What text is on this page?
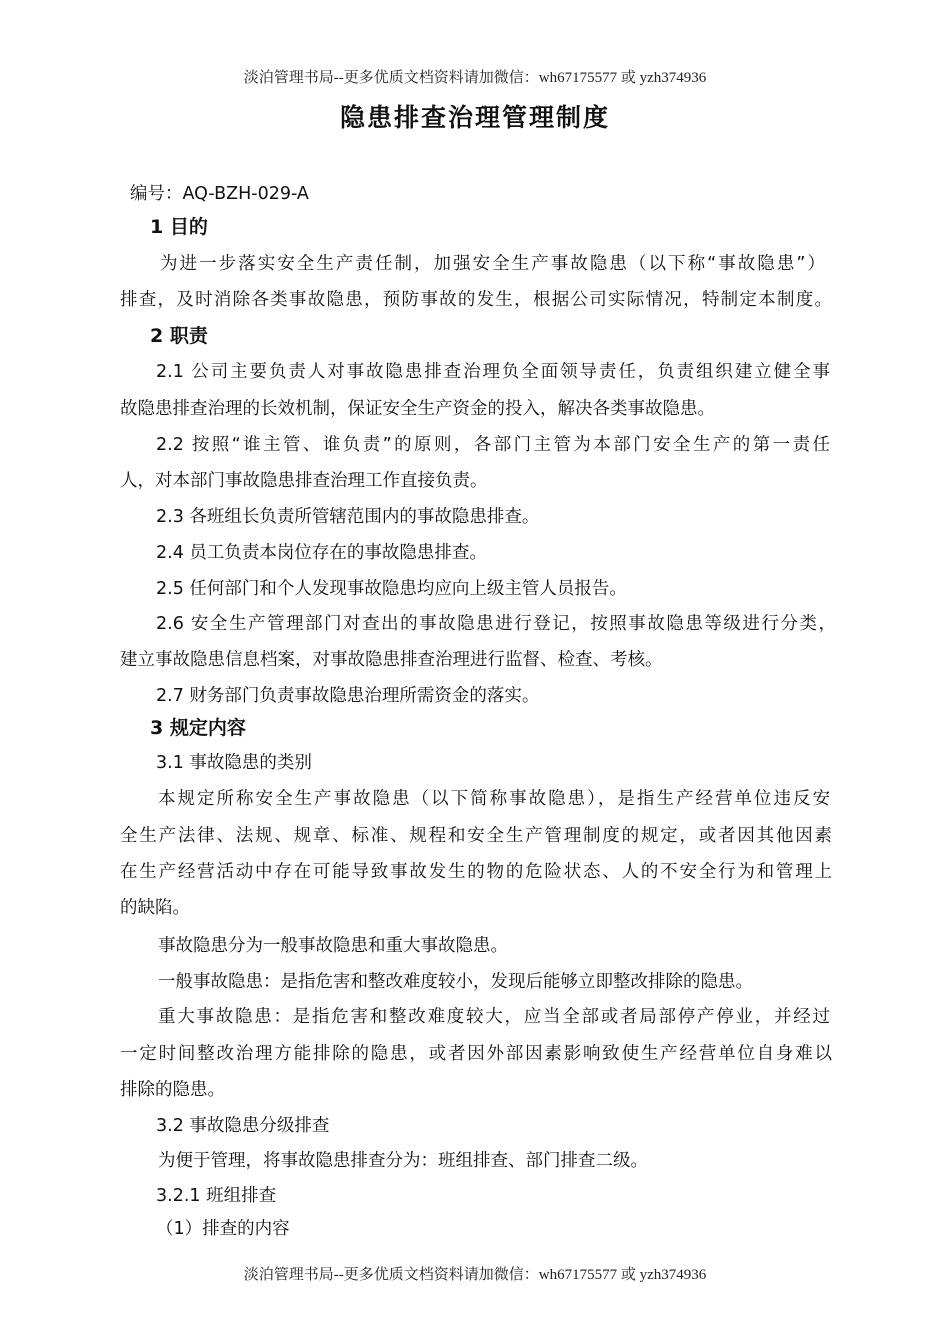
淡泊管理书局--更多优质文档资料请加微信：wh67175577 或 yzh374936
隐患排查治理管理制度
编号：AQ-BZH-029-A
1 目的
为进一步落实安全生产责任制，加强安全生产事故隐患（以下称“事故隐患”）
排查，及时消除各类事故隐患，预防事故的发生，根据公司实际情况，特制定本制度。
2 职责
2.1 公司主要负责人对事故隐患排查治理负全面领导责任，负责组织建立健全事
故隐患排查治理的长效机制，保证安全生产资金的投入，解决各类事故隐患。
2.2 按照“谁主管、谁负责”的原则，各部门主管为本部门安全生产的第一责任
人，对本部门事故隐患排查治理工作直接负责。
2.3 各班组长负责所管辖范围内的事故隐患排查。
2.4 员工负责本岗位存在的事故隐患排查。
2.5 任何部门和个人发现事故隐患均应向上级主管人员报告。
2.6 安全生产管理部门对查出的事故隐患进行登记，按照事故隐患等级进行分类，
建立事故隐患信息档案，对事故隐患排查治理进行监督、检查、考核。
2.7 财务部门负责事故隐患治理所需资金的落实。
3 规定内容
3.1 事故隐患的类别
本规定所称安全生产事故隐患（以下简称事故隐患），是指生产经营单位违反安
全生产法律、法规、规章、标准、规程和安全生产管理制度的规定，或者因其他因素
在生产经营活动中存在可能导致事故发生的物的危险状态、人的不安全行为和管理上
的缺陷。
事故隐患分为一般事故隐患和重大事故隐患。
一般事故隐患：是指危害和整改难度较小，发现后能够立即整改排除的隐患。
重大事故隐患：是指危害和整改难度较大，应当全部或者局部停产停业，并经过
一定时间整改治理方能排除的隐患，或者因外部因素影响致使生产经营单位自身难以
排除的隐患。
3.2 事故隐患分级排查
为便于管理，将事故隐患排查分为：班组排查、部门排查二级。
3.2.1 班组排查
（1）排查的内容
淡泊管理书局--更多优质文档资料请加微信：wh67175577 或 yzh374936
